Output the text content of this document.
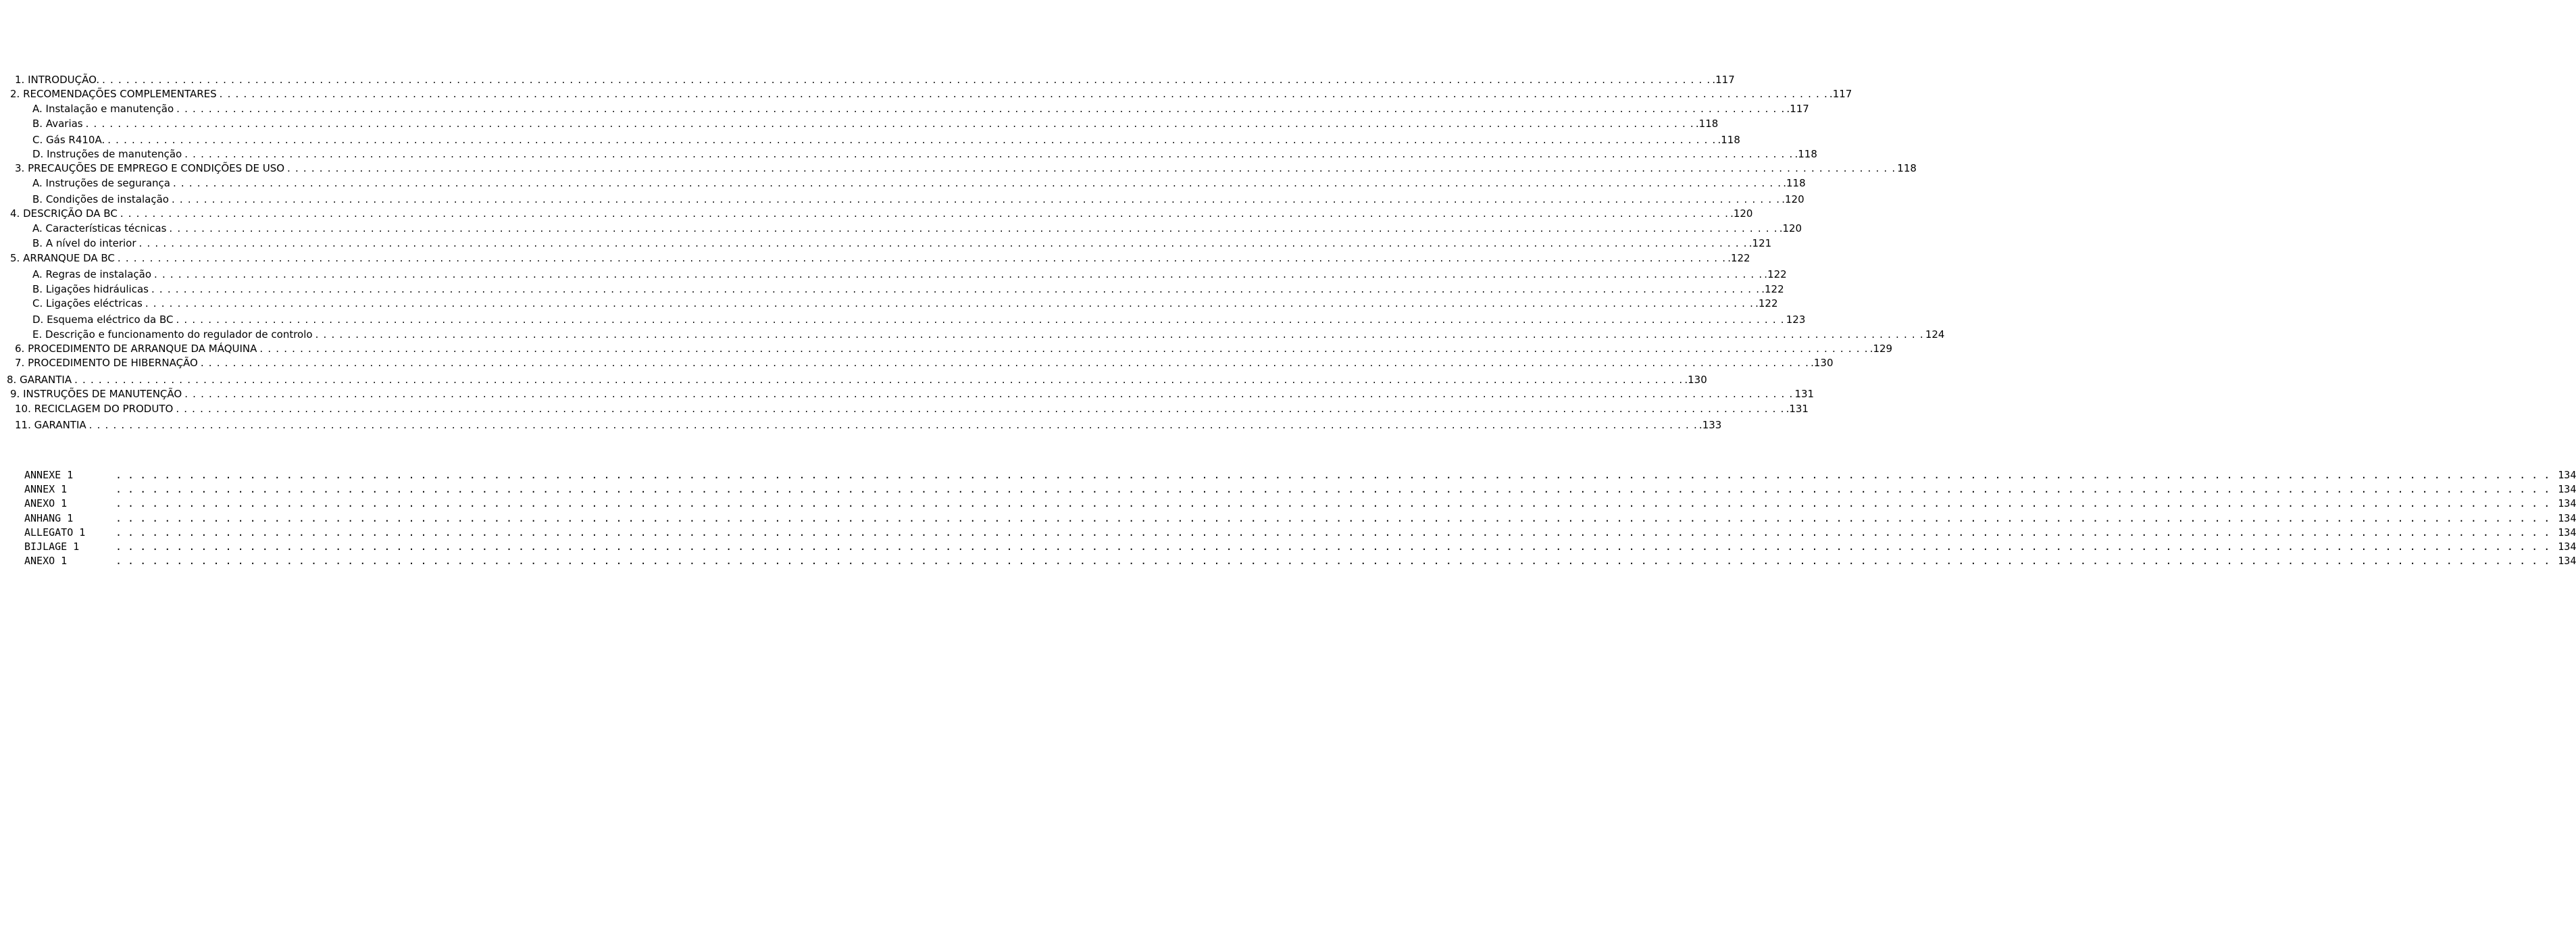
1. INTRODUÇÃO. . . . . . . . . . . . . . . . . . . . . . . . . . . . . . . . . . . . . . . . . . . . . . . . . . . . . . . . . . . . . . . . . . . . . . . . . . . . . . . . . . . . . . . . . . . . . . . . . . . . . . . . . . . . . . . . . . . . . . . . . . . . . . . . . . . . . . . . . . . . . . . . . . . . . . . . . . . . . . . . . . . . . . . . . . . . . . . . . . . . . . . . . . . . . . . . . . . . . . . . . .117
2. RECOMENDAÇÕES COMPLEMENTARES . . . . . . . . . . . . . . . . . . . . . . . . . . . . . . . . . . . . . . . . . . . . . . . . . . . . . . . . . . . . . . . . . . . . . . . . . . . . . . . . . . . . . . . . . . . . . . . . . . . . . . . . . . . . . . . . . . . . . . . . . . . . . . . . . . . . . . . . . . . . . . . . . . . . . . . . . . . . . . . . . . . . . . . . . . . . . . . . . . . . . . . . . . . . . . . . . . . . . . . . .117
A. Instalação e manutenção . . . . . . . . . . . . . . . . . . . . . . . . . . . . . . . . . . . . . . . . . . . . . . . . . . . . . . . . . . . . . . . . . . . . . . . . . . . . . . . . . . . . . . . . . . . . . . . . . . . . . . . . . . . . . . . . . . . . . . . . . . . . . . . . . . . . . . . . . . . . . . . . . . . . . . . . . . . . . . . . . . . . . . . . . . . . . . . . . . . . . . . . . . . . . . . . . . . . . . . . .117
B. Avarias . . . . . . . . . . . . . . . . . . . . . . . . . . . . . . . . . . . . . . . . . . . . . . . . . . . . . . . . . . . . . . . . . . . . . . . . . . . . . . . . . . . . . . . . . . . . . . . . . . . . . . . . . . . . . . . . . . . . . . . . . . . . . . . . . . . . . . . . . . . . . . . . . . . . . . . . . . . . . . . . . . . . . . . . . . . . . . . . . . . . . . . . . . . . . . . . . . . . . . . . .118
C. Gás R410A. . . . . . . . . . . . . . . . . . . . . . . . . . . . . . . . . . . . . . . . . . . . . . . . . . . . . . . . . . . . . . . . . . . . . . . . . . . . . . . . . . . . . . . . . . . . . . . . . . . . . . . . . . . . . . . . . . . . . . . . . . . . . . . . . . . . . . . . . . . . . . . . . . . . . . . . . . . . . . . . . . . . . . . . . . . . . . . . . . . . . . . . . . . . . . . . . . . . . . . . . .118
D. Instruções de manutenção . . . . . . . . . . . . . . . . . . . . . . . . . . . . . . . . . . . . . . . . . . . . . . . . . . . . . . . . . . . . . . . . . . . . . . . . . . . . . . . . . . . . . . . . . . . . . . . . . . . . . . . . . . . . . . . . . . . . . . . . . . . . . . . . . . . . . . . . . . . . . . . . . . . . . . . . . . . . . . . . . . . . . . . . . . . . . . . . . . . . . . . . . . . . . . . . . . . . . . . . .118
3. PRECAUÇÕES DE EMPREGO E CONDIÇÕES DE USO . . . . . . . . . . . . . . . . . . . . . . . . . . . . . . . . . . . . . . . . . . . . . . . . . . . . . . . . . . . . . . . . . . . . . . . . . . . . . . . . . . . . . . . . . . . . . . . . . . . . . . . . . . . . . . . . . . . . . . . . . . . . . . . . . . . . . . . . . . . . . . . . . . . . . . . . . . . . . . . . . . . . . . . . . . . . . . . . . . . . . . . . . . . . . . . . . . . . . . . . 118
A. Instruções de segurança . . . . . . . . . . . . . . . . . . . . . . . . . . . . . . . . . . . . . . . . . . . . . . . . . . . . . . . . . . . . . . . . . . . . . . . . . . . . . . . . . . . . . . . . . . . . . . . . . . . . . . . . . . . . . . . . . . . . . . . . . . . . . . . . . . . . . . . . . . . . . . . . . . . . . . . . . . . . . . . . . . . . . . . . . . . . . . . . . . . . . . . . . . . . . . . . . . . . . . . . .118
B. Condições de instalação . . . . . . . . . . . . . . . . . . . . . . . . . . . . . . . . . . . . . . . . . . . . . . . . . . . . . . . . . . . . . . . . . . . . . . . . . . . . . . . . . . . . . . . . . . . . . . . . . . . . . . . . . . . . . . . . . . . . . . . . . . . . . . . . . . . . . . . . . . . . . . . . . . . . . . . . . . . . . . . . . . . . . . . . . . . . . . . . . . . . . . . . . . . . . . . . . . . . . . . . .120
4. DESCRIÇÃO DA BC . . . . . . . . . . . . . . . . . . . . . . . . . . . . . . . . . . . . . . . . . . . . . . . . . . . . . . . . . . . . . . . . . . . . . . . . . . . . . . . . . . . . . . . . . . . . . . . . . . . . . . . . . . . . . . . . . . . . . . . . . . . . . . . . . . . . . . . . . . . . . . . . . . . . . . . . . . . . . . . . . . . . . . . . . . . . . . . . . . . . . . . . . . . . . . . . . . . . . . . . .120
A. Características técnicas . . . . . . . . . . . . . . . . . . . . . . . . . . . . . . . . . . . . . . . . . . . . . . . . . . . . . . . . . . . . . . . . . . . . . . . . . . . . . . . . . . . . . . . . . . . . . . . . . . . . . . . . . . . . . . . . . . . . . . . . . . . . . . . . . . . . . . . . . . . . . . . . . . . . . . . . . . . . . . . . . . . . . . . . . . . . . . . . . . . . . . . . . . . . . . . . . . . . . . . . .120
B. A nível do interior . . . . . . . . . . . . . . . . . . . . . . . . . . . . . . . . . . . . . . . . . . . . . . . . . . . . . . . . . . . . . . . . . . . . . . . . . . . . . . . . . . . . . . . . . . . . . . . . . . . . . . . . . . . . . . . . . . . . . . . . . . . . . . . . . . . . . . . . . . . . . . . . . . . . . . . . . . . . . . . . . . . . . . . . . . . . . . . . . . . . . . . . . . . . . . . . . . . . . . . . .121
5. ARRANQUE DA BC . . . . . . . . . . . . . . . . . . . . . . . . . . . . . . . . . . . . . . . . . . . . . . . . . . . . . . . . . . . . . . . . . . . . . . . . . . . . . . . . . . . . . . . . . . . . . . . . . . . . . . . . . . . . . . . . . . . . . . . . . . . . . . . . . . . . . . . . . . . . . . . . . . . . . . . . . . . . . . . . . . . . . . . . . . . . . . . . . . . . . . . . . . . . . . . . . . . . . . . . .122
A. Regras de instalação . . . . . . . . . . . . . . . . . . . . . . . . . . . . . . . . . . . . . . . . . . . . . . . . . . . . . . . . . . . . . . . . . . . . . . . . . . . . . . . . . . . . . . . . . . . . . . . . . . . . . . . . . . . . . . . . . . . . . . . . . . . . . . . . . . . . . . . . . . . . . . . . . . . . . . . . . . . . . . . . . . . . . . . . . . . . . . . . . . . . . . . . . . . . . . . . . . . . . . . . .122
B. Ligações hidráulicas . . . . . . . . . . . . . . . . . . . . . . . . . . . . . . . . . . . . . . . . . . . . . . . . . . . . . . . . . . . . . . . . . . . . . . . . . . . . . . . . . . . . . . . . . . . . . . . . . . . . . . . . . . . . . . . . . . . . . . . . . . . . . . . . . . . . . . . . . . . . . . . . . . . . . . . . . . . . . . . . . . . . . . . . . . . . . . . . . . . . . . . . . . . . . . . . . . . . . . . . .122
C. Ligações eléctricas . . . . . . . . . . . . . . . . . . . . . . . . . . . . . . . . . . . . . . . . . . . . . . . . . . . . . . . . . . . . . . . . . . . . . . . . . . . . . . . . . . . . . . . . . . . . . . . . . . . . . . . . . . . . . . . . . . . . . . . . . . . . . . . . . . . . . . . . . . . . . . . . . . . . . . . . . . . . . . . . . . . . . . . . . . . . . . . . . . . . . . . . . . . . . . . . . . . . . . . . .122
D. Esquema eléctrico da BC . . . . . . . . . . . . . . . . . . . . . . . . . . . . . . . . . . . . . . . . . . . . . . . . . . . . . . . . . . . . . . . . . . . . . . . . . . . . . . . . . . . . . . . . . . . . . . . . . . . . . . . . . . . . . . . . . . . . . . . . . . . . . . . . . . . . . . . . . . . . . . . . . . . . . . . . . . . . . . . . . . . . . . . . . . . . . . . . . . . . . . . . . . . . . . . . . . . . . . . . 123
E. Descrição e funcionamento do regulador de controlo . . . . . . . . . . . . . . . . . . . . . . . . . . . . . . . . . . . . . . . . . . . . . . . . . . . . . . . . . . . . . . . . . . . . . . . . . . . . . . . . . . . . . . . . . . . . . . . . . . . . . . . . . . . . . . . . . . . . . . . . . . . . . . . . . . . . . . . . . . . . . . . . . . . . . . . . . . . . . . . . . . . . . . . . . . . . . . . . . . . . . . . . . . . . . . . . . . . . . . . . 124
6. PROCEDIMENTO DE ARRANQUE DA MÁQUINA . . . . . . . . . . . . . . . . . . . . . . . . . . . . . . . . . . . . . . . . . . . . . . . . . . . . . . . . . . . . . . . . . . . . . . . . . . . . . . . . . . . . . . . . . . . . . . . . . . . . . . . . . . . . . . . . . . . . . . . . . . . . . . . . . . . . . . . . . . . . . . . . . . . . . . . . . . . . . . . . . . . . . . . . . . . . . . . . . . . . . . . . . . . . . . . . . . . . . . . . .129
7. PROCEDIMENTO DE HIBERNAÇÃO . . . . . . . . . . . . . . . . . . . . . . . . . . . . . . . . . . . . . . . . . . . . . . . . . . . . . . . . . . . . . . . . . . . . . . . . . . . . . . . . . . . . . . . . . . . . . . . . . . . . . . . . . . . . . . . . . . . . . . . . . . . . . . . . . . . . . . . . . . . . . . . . . . . . . . . . . . . . . . . . . . . . . . . . . . . . . . . . . . . . . . . . . . . . . . . . . . . . . . . . .130
8. GARANTIA . . . . . . . . . . . . . . . . . . . . . . . . . . . . . . . . . . . . . . . . . . . . . . . . . . . . . . . . . . . . . . . . . . . . . . . . . . . . . . . . . . . . . . . . . . . . . . . . . . . . . . . . . . . . . . . . . . . . . . . . . . . . . . . . . . . . . . . . . . . . . . . . . . . . . . . . . . . . . . . . . . . . . . . . . . . . . . . . . . . . . . . . . . . . . . . . . . . . . . . . .130
9. INSTRUÇÕES DE MANUTENÇÃO . . . . . . . . . . . . . . . . . . . . . . . . . . . . . . . . . . . . . . . . . . . . . . . . . . . . . . . . . . . . . . . . . . . . . . . . . . . . . . . . . . . . . . . . . . . . . . . . . . . . . . . . . . . . . . . . . . . . . . . . . . . . . . . . . . . . . . . . . . . . . . . . . . . . . . . . . . . . . . . . . . . . . . . . . . . . . . . . . . . . . . . . . . . . . . . . . . . . . . . . 131
10. RECICLAGEM DO PRODUTO . . . . . . . . . . . . . . . . . . . . . . . . . . . . . . . . . . . . . . . . . . . . . . . . . . . . . . . . . . . . . . . . . . . . . . . . . . . . . . . . . . . . . . . . . . . . . . . . . . . . . . . . . . . . . . . . . . . . . . . . . . . . . . . . . . . . . . . . . . . . . . . . . . . . . . . . . . . . . . . . . . . . . . . . . . . . . . . . . . . . . . . . . . . . . . . . . . . . . . . . .131
11. GARANTIA . . . . . . . . . . . . . . . . . . . . . . . . . . . . . . . . . . . . . . . . . . . . . . . . . . . . . . . . . . . . . . . . . . . . . . . . . . . . . . . . . . . . . . . . . . . . . . . . . . . . . . . . . . . . . . . . . . . . . . . . . . . . . . . . . . . . . . . . . . . . . . . . . . . . . . . . . . . . . . . . . . . . . . . . . . . . . . . . . . . . . . . . . . . . . . . . . . . . . . . . .133
ANNEXE 1	. . . . . . . . . . . . . . . . . . . . . . . . . . . . . . . . . . . . . . . . . . . . . . . . . . . . . . . . . . . . . . . . . . . . . . . . . . . . . . . . . . . . . . . . . . . . . . . . . . . . . . . . . . . . . . . . . . . . . . . . . . . . . . . . . . . . . . . . . . . . . . . . . . . . . . . . . . . . . . . . . . . . . . . . . . . . . . . . . . . . . . . . . . . . . . . . . . . . . . . . 134
ANNEX 1	. . . . . . . . . . . . . . . . . . . . . . . . . . . . . . . . . . . . . . . . . . . . . . . . . . . . . . . . . . . . . . . . . . . . . . . . . . . . . . . . . . . . . . . . . . . . . . . . . . . . . . . . . . . . . . . . . . . . . . . . . . . . . . . . . . . . . . . . . . . . . . . . . . . . . . . . . . . . . . . . . . . . . . . . . . . . . . . . . . . . . . . . . . . . . . . . . . . . . . . . 134
ANEXO 1	. . . . . . . . . . . . . . . . . . . . . . . . . . . . . . . . . . . . . . . . . . . . . . . . . . . . . . . . . . . . . . . . . . . . . . . . . . . . . . . . . . . . . . . . . . . . . . . . . . . . . . . . . . . . . . . . . . . . . . . . . . . . . . . . . . . . . . . . . . . . . . . . . . . . . . . . . . . . . . . . . . . . . . . . . . . . . . . . . . . . . . . . . . . . . . . . . . . . . . . . 134
ANHANG 1	. . . . . . . . . . . . . . . . . . . . . . . . . . . . . . . . . . . . . . . . . . . . . . . . . . . . . . . . . . . . . . . . . . . . . . . . . . . . . . . . . . . . . . . . . . . . . . . . . . . . . . . . . . . . . . . . . . . . . . . . . . . . . . . . . . . . . . . . . . . . . . . . . . . . . . . . . . . . . . . . . . . . . . . . . . . . . . . . . . . . . . . . . . . . . . . . . . . . . . . . 134
ALLEGATO 1	. . . . . . . . . . . . . . . . . . . . . . . . . . . . . . . . . . . . . . . . . . . . . . . . . . . . . . . . . . . . . . . . . . . . . . . . . . . . . . . . . . . . . . . . . . . . . . . . . . . . . . . . . . . . . . . . . . . . . . . . . . . . . . . . . . . . . . . . . . . . . . . . . . . . . . . . . . . . . . . . . . . . . . . . . . . . . . . . . . . . . . . . . . . . . . . . . . . . . . . . 134
BIJLAGE 1	. . . . . . . . . . . . . . . . . . . . . . . . . . . . . . . . . . . . . . . . . . . . . . . . . . . . . . . . . . . . . . . . . . . . . . . . . . . . . . . . . . . . . . . . . . . . . . . . . . . . . . . . . . . . . . . . . . . . . . . . . . . . . . . . . . . . . . . . . . . . . . . . . . . . . . . . . . . . . . . . . . . . . . . . . . . . . . . . . . . . . . . . . . . . . . . . . . . . . . . . 134
ANEXO 1	. . . . . . . . . . . . . . . . . . . . . . . . . . . . . . . . . . . . . . . . . . . . . . . . . . . . . . . . . . . . . . . . . . . . . . . . . . . . . . . . . . . . . . . . . . . . . . . . . . . . . . . . . . . . . . . . . . . . . . . . . . . . . . . . . . . . . . . . . . . . . . . . . . . . . . . . . . . . . . . . . . . . . . . . . . . . . . . . . . . . . . . . . . . . . . . . . . . . . . . . 134
